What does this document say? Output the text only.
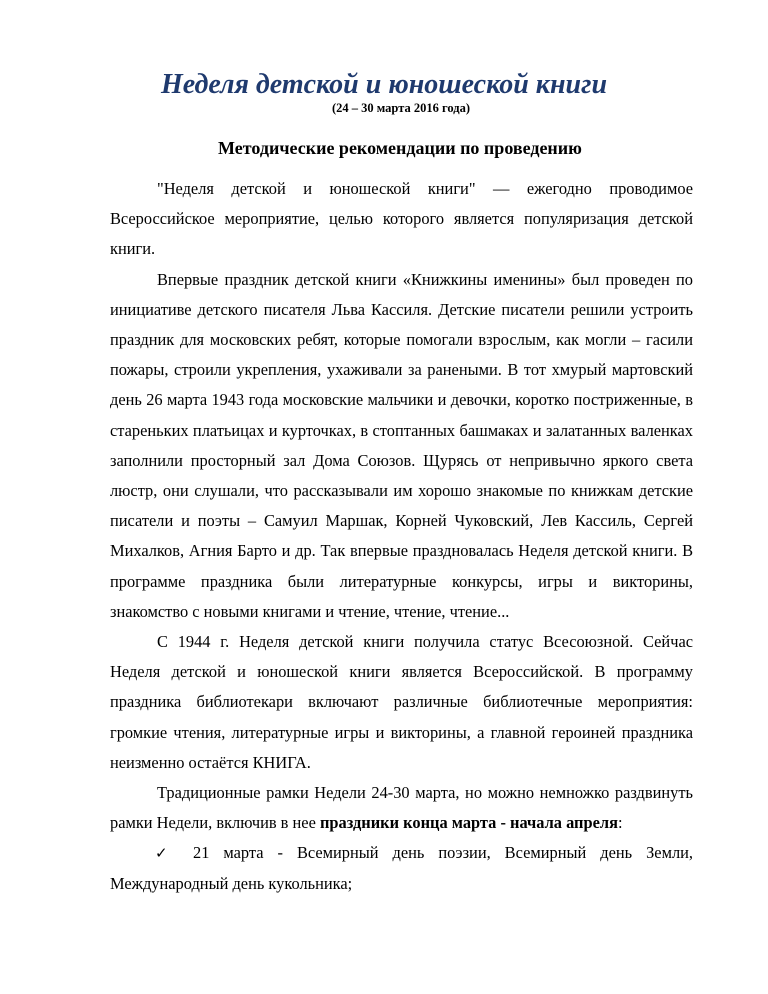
Неделя детской и юношеской книги
(24 – 30 марта 2016 года)
Методические рекомендации по проведению

"Неделя детской и юношеской книги" — ежегодно проводимое Всероссийское мероприятие, целью которого является популяризация детской книги.

Впервые праздник детской книги «Книжкины именины» был проведен по инициативе детского писателя Льва Кассиля. Детские писатели решили устроить праздник для московских ребят, которые помогали взрослым, как могли – гасили пожары, строили укрепления, ухаживали за ранеными. В тот хмурый мартовский день 26 марта 1943 года московские мальчики и девочки, коротко постриженные, в стареньких платьицах и курточках, в стоптанных башмаках и залатанных валенках заполнили просторный зал Дома Союзов. Щурясь от непривычно яркого света люстр, они слушали, что рассказывали им хорошо знакомые по книжкам детские писатели и поэты – Самуил Маршак, Корней Чуковский, Лев Кассиль, Сергей Михалков, Агния Барто и др. Так впервые праздновалась Неделя детской книги. В программе праздника были литературные конкурсы, игры и викторины, знакомство с новыми книгами и чтение, чтение, чтение...

С 1944 г. Неделя детской книги получила статус Всесоюзной. Сейчас Неделя детской и юношеской книги является Всероссийской. В программу праздника библиотекари включают различные библиотечные мероприятия: громкие чтения, литературные игры и викторины, а главной героиней праздника неизменно остаётся КНИГА.

Традиционные рамки Недели 24-30 марта, но можно немножко раздвинуть рамки Недели, включив в нее праздники конца марта - начала апреля:

✓	21 марта - Всемирный день поэзии, Всемирный день Земли,
Международный день кукольника;
